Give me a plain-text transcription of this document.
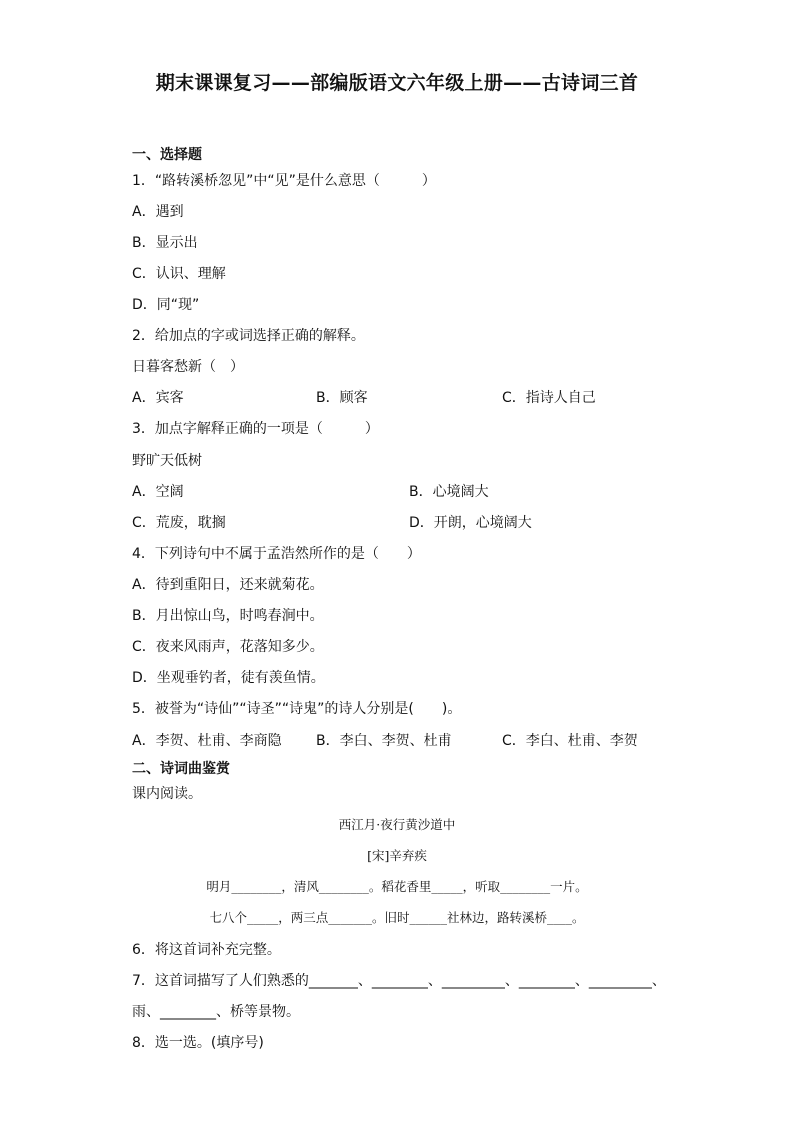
期末课课复习——部编版语文六年级上册——古诗词三首
一、选择题
1．“路转溪桥忽见”中“见”是什么意思（　　　）
A．遇到
B．显示出
C．认识、理解
D．同“现”
2．给加点的字或词选择正确的解释。
日暮客愁新（　）
A．宾客	B．顾客	C．指诗人自己
3．加点字解释正确的一项是（　　　）
野旷天低树
A．空阔	B．心境阔大
C．荒废，耽搁	D．开朗，心境阔大
4．下列诗句中不属于孟浩然所作的是（　　）
A．待到重阳日，还来就菊花。
B．月出惊山鸟，时鸣春涧中。
C．夜来风雨声，花落知多少。
D．坐观垂钓者，徒有羡鱼情。
5．被誉为“诗仙”“诗圣”“诗鬼”的诗人分别是(　　)。
A．李贺、杜甫、李商隐 B．李白、李贺、杜甫	C．李白、杜甫、李贺
二、诗词曲鉴赏
课内阅读。
西江月·夜行黄沙道中
[宋]辛弃疾
明月________，清风________。稻花香里_____，听取________一片。
七八个_____，两三点_______。旧时______社林边，路转溪桥____。
6．将这首词补充完整。
7．这首词描写了人们熟悉的_______、________、_________、________、_________、
雨、________、桥等景物。
8．选一选。(填序号)
